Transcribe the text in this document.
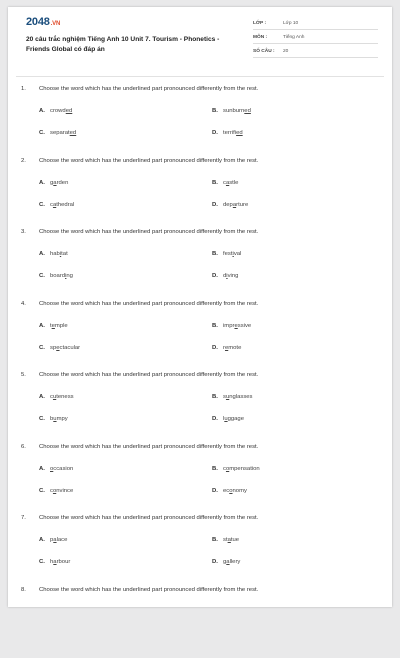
2048.VN
20 câu trắc nghiệm Tiếng Anh 10 Unit 7. Tourism - Phonetics - Friends Global có đáp án
LỚP :	Lớp 10
MÔN :	Tiếng Anh
SỐ CÂU :	20
1. Choose the word which has the underlined part pronounced differently from the rest.
A. crowded	B. sunburned
C. separated	D. terrified
2. Choose the word which has the underlined part pronounced differently from the rest.
A. garden	B. castle
C. cathedral	D. departure
3. Choose the word which has the underlined part pronounced differently from the rest.
A. habitat	B. festival
C. boarding	D. diving
4. Choose the word which has the underlined part pronounced differently from the rest.
A. temple	B. impressive
C. spectacular	D. remote
5. Choose the word which has the underlined part pronounced differently from the rest.
A. cuteness	B. sunglasses
C. bumpy	D. luggage
6. Choose the word which has the underlined part pronounced differently from the rest.
A. occasion	B. compensation
C. convince	D. economy
7. Choose the word which has the underlined part pronounced differently from the rest.
A. palace	B. statue
C. harbour	D. gallery
8. Choose the word which has the underlined part pronounced differently from the rest.
